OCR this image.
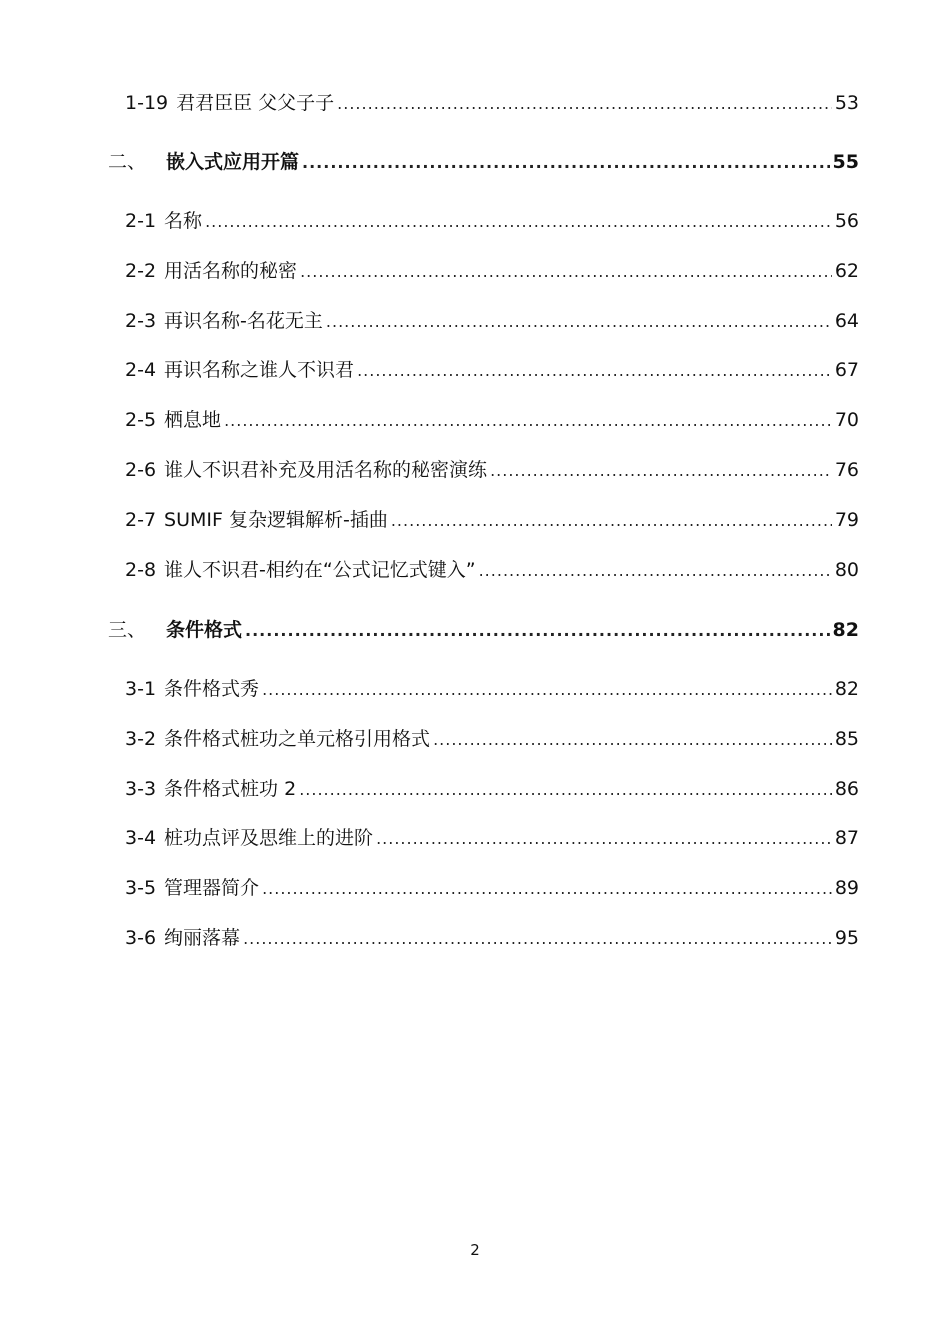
1-19 君君臣臣 父父子子 .....	53
二、	嵌入式应用开篇 .....	55
2-1 名称 .....	56
2-2 用活名称的秘密 .....	62
2-3 再识名称-名花无主 .....	64
2-4 再识名称之谁人不识君 .....	67
2-5 栖息地 .....	70
2-6 谁人不识君补充及用活名称的秘密演练 .....	76
2-7 SUMIF 复杂逻辑解析-插曲 .....	79
2-8 谁人不识君-相约在“公式记忆式键入” .....	80
三、	条件格式 .....	82
3-1 条件格式秀 .....	82
3-2 条件格式桩功之单元格引用格式 .....	85
3-3 条件格式桩功 2 .....	86
3-4 桩功点评及思维上的进阶 .....	87
3-5 管理器简介 .....	89
3-6 绚丽落幕 .....	95
2
